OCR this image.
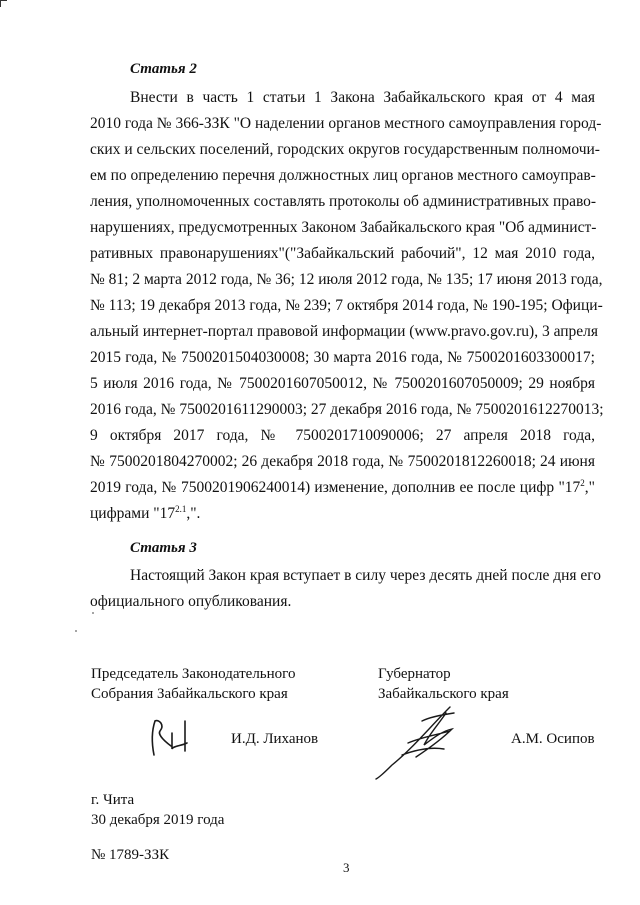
Статья 2
Внести в часть 1 статьи 1 Закона Забайкальского края от 4 мая
2010 года № 366-ЗЗК "О наделении органов местного самоуправления город-
ских и сельских поселений, городских округов государственным полномочи-
ем по определению перечня должностных лиц органов местного самоуправ-
ления, уполномоченных составлять протоколы об административных право-
нарушениях, предусмотренных Законом Забайкальского края "Об админист-
ративных правонарушениях"("Забайкальский рабочий", 12 мая 2010 года,
№ 81; 2 марта 2012 года, № 36; 12 июля 2012 года, № 135; 17 июня 2013 года,
№ 113; 19 декабря 2013 года, № 239; 7 октября 2014 года, № 190-195; Офици-
альный интернет-портал правовой информации (www.pravo.gov.ru), 3 апреля
2015 года, № 7500201504030008; 30 марта 2016 года, № 7500201603300017;
5 июля 2016 года, № 7500201607050012, № 7500201607050009; 29 ноября
2016 года, № 7500201611290003; 27 декабря 2016 года, № 7500201612270013;
9 октября 2017 года, № 7500201710090006; 27 апреля 2018 года,
№ 7500201804270002; 26 декабря 2018 года, № 7500201812260018; 24 июня
2019 года, № 7500201906240014) изменение, дополнив ее после цифр "$17^2$,"
цифрами "$17^{2.1}$,".
Статья 3
Настоящий Закон края вступает в силу через десять дней после дня его
официального опубликования.
Председатель Законодательного
Собрания Забайкальского края
Губернатор
Забайкальского края
И.Д. Лиханов	А.М. Осипов
г. Чита
30 декабря 2019 года
№ 1789-ЗЗК
3
